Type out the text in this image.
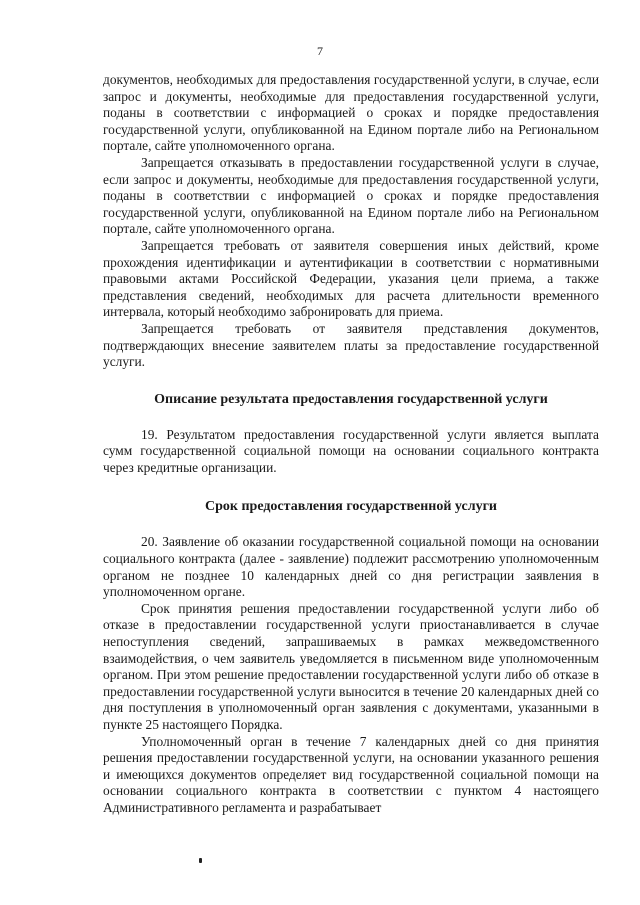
7

документов, необходимых для предоставления государственной услуги, в случае, если запрос и документы, необходимые для предоставления государственной услуги, поданы в соответствии с информацией о сроках и порядке предоставления государственной услуги, опубликованной на Едином портале либо на Региональном портале, сайте уполномоченного органа.

Запрещается отказывать в предоставлении государственной услуги в случае, если запрос и документы, необходимые для предоставления государственной услуги, поданы в соответствии с информацией о сроках и порядке предоставления государственной услуги, опубликованной на Едином портале либо на Региональном портале, сайте уполномоченного органа.

Запрещается требовать от заявителя совершения иных действий, кроме прохождения идентификации и аутентификации в соответствии с нормативными правовыми актами Российской Федерации, указания цели приема, а также представления сведений, необходимых для расчета длительности временного интервала, который необходимо забронировать для приема.

Запрещается требовать от заявителя представления документов, подтверждающих внесение заявителем платы за предоставление государственной услуги.

Описание результата предоставления государственной услуги

19. Результатом предоставления государственной услуги является выплата сумм государственной социальной помощи на основании социального контракта через кредитные организации.

Срок предоставления государственной услуги

20. Заявление об оказании государственной социальной помощи на основании социального контракта (далее - заявление) подлежит рассмотрению уполномоченным органом не позднее 10 календарных дней со дня регистрации заявления в уполномоченном органе.

Срок принятия решения предоставлении государственной услуги либо об отказе в предоставлении государственной услуги приостанавливается в случае непоступления сведений, запрашиваемых в рамках межведомственного взаимодействия, о чем заявитель уведомляется в письменном виде уполномоченным органом. При этом решение предоставлении государственной услуги либо об отказе в предоставлении государственной услуги выносится в течение 20 календарных дней со дня поступления в уполномоченный орган заявления с документами, указанными в пункте 25 настоящего Порядка.

Уполномоченный орган в течение 7 календарных дней со дня принятия решения предоставлении государственной услуги, на основании указанного решения и имеющихся документов определяет вид государственной социальной помощи на основании социального контракта в соответствии с пунктом 4 настоящего Административного регламента и разрабатывает
